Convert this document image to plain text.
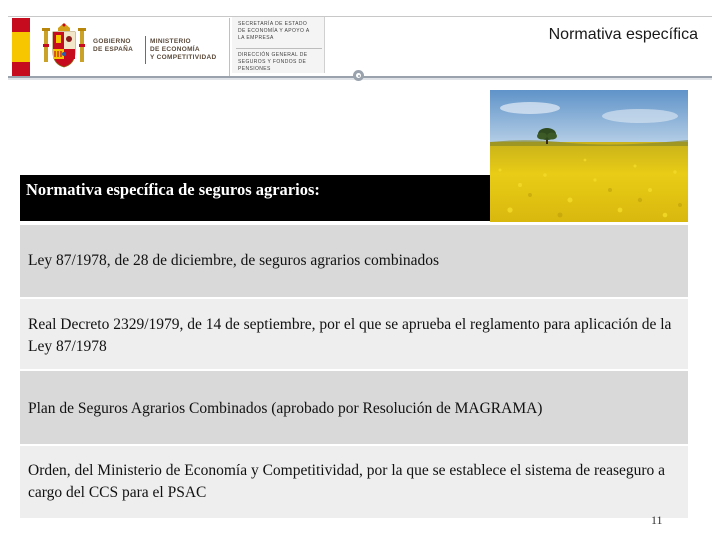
GOBIERNO
DE ESPAÑA
MINISTERIO
DE ECONOMÍA
Y COMPETITIVIDAD
SECRETARÍA DE ESTADO
DE ECONOMÍA Y APOYO A
LA EMPRESA
DIRECCIÓN GENERAL DE
SEGUROS Y FONDOS DE
PENSIONES
Normativa específica
Normativa específica de seguros agrarios:
Ley 87/1978, de 28 de diciembre, de seguros agrarios combinados
Real Decreto 2329/1979, de 14 de septiembre, por el que se aprueba el reglamento para aplicación de la Ley 87/1978
Plan de Seguros Agrarios Combinados (aprobado por Resolución de MAGRAMA)
Orden, del Ministerio de Economía y Competitividad, por la que se establece el sistema de reaseguro a cargo del CCS para el PSAC
11
